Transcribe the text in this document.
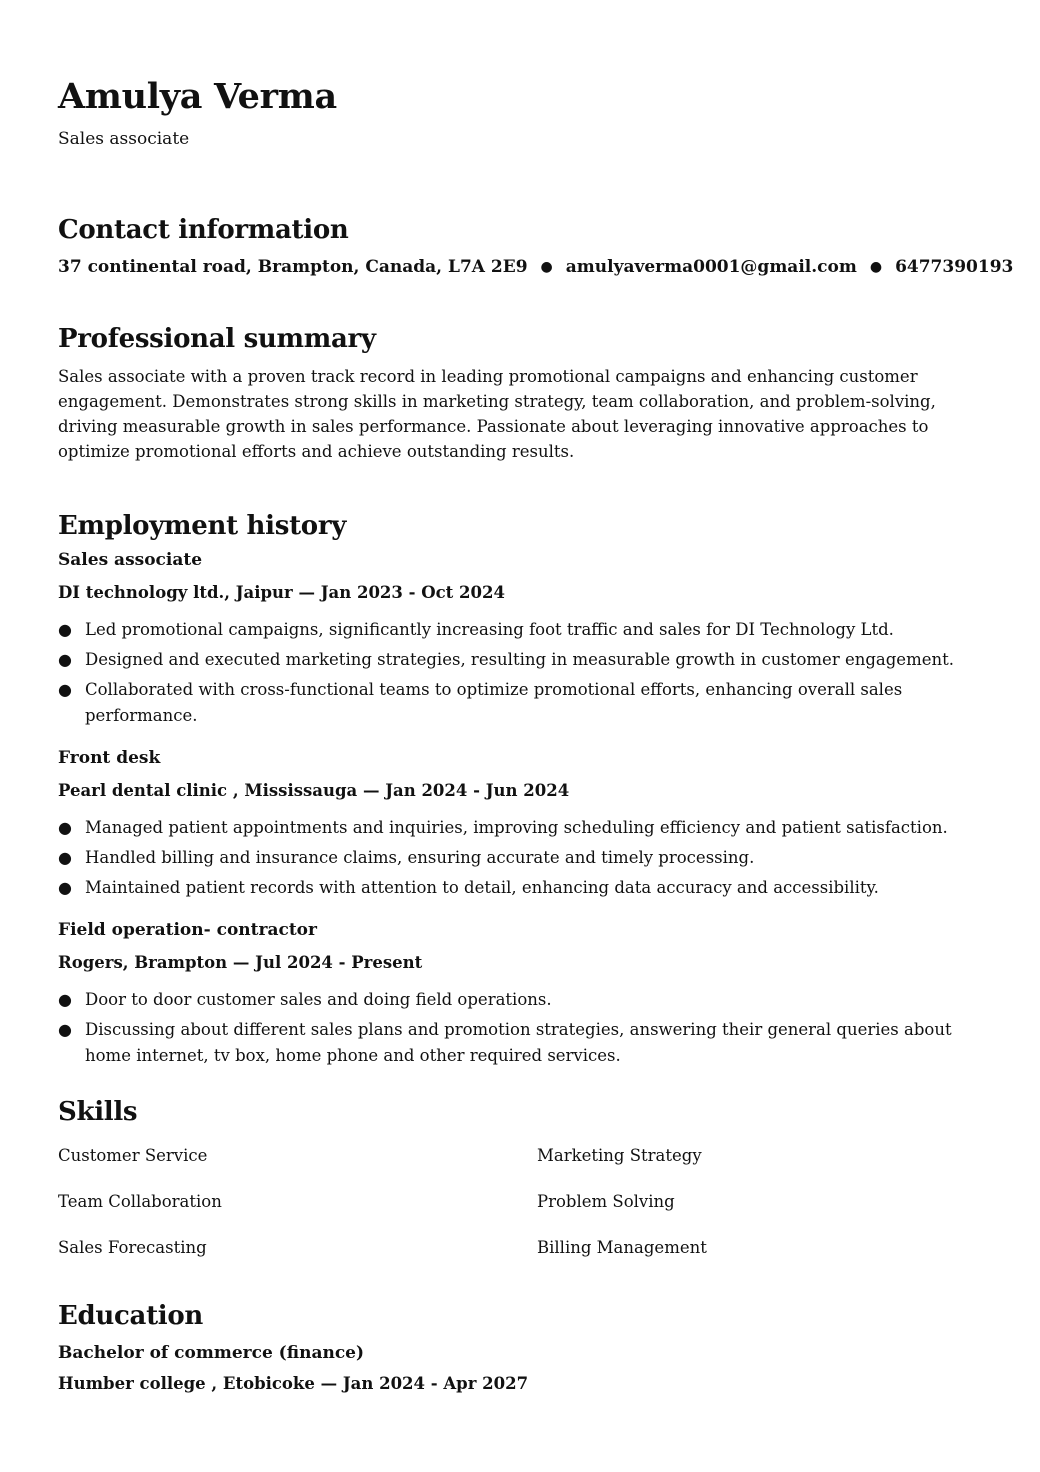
Amulya Verma
Sales associate
Contact information
37 continental road, Brampton, Canada, L7A 2E9 ● amulyaverma0001@gmail.com ● 6477390193
Professional summary
Sales associate with a proven track record in leading promotional campaigns and enhancing customer engagement. Demonstrates strong skills in marketing strategy, team collaboration, and problem-solving, driving measurable growth in sales performance. Passionate about leveraging innovative approaches to optimize promotional efforts and achieve outstanding results.
Employment history
Sales associate
DI technology ltd., Jaipur — Jan 2023 - Oct 2024
● Led promotional campaigns, significantly increasing foot traffic and sales for DI Technology Ltd.
● Designed and executed marketing strategies, resulting in measurable growth in customer engagement.
● Collaborated with cross-functional teams to optimize promotional efforts, enhancing overall sales performance.
Front desk
Pearl dental clinic , Mississauga — Jan 2024 - Jun 2024
● Managed patient appointments and inquiries, improving scheduling efficiency and patient satisfaction.
● Handled billing and insurance claims, ensuring accurate and timely processing.
● Maintained patient records with attention to detail, enhancing data accuracy and accessibility.
Field operation- contractor
Rogers, Brampton — Jul 2024 - Present
● Door to door customer sales and doing field operations.
● Discussing about different sales plans and promotion strategies, answering their general queries about home internet, tv box, home phone and other required services.
Skills
Customer Service	Marketing Strategy
Team Collaboration	Problem Solving
Sales Forecasting	Billing Management
Education
Bachelor of commerce (finance)
Humber college , Etobicoke — Jan 2024 - Apr 2027
